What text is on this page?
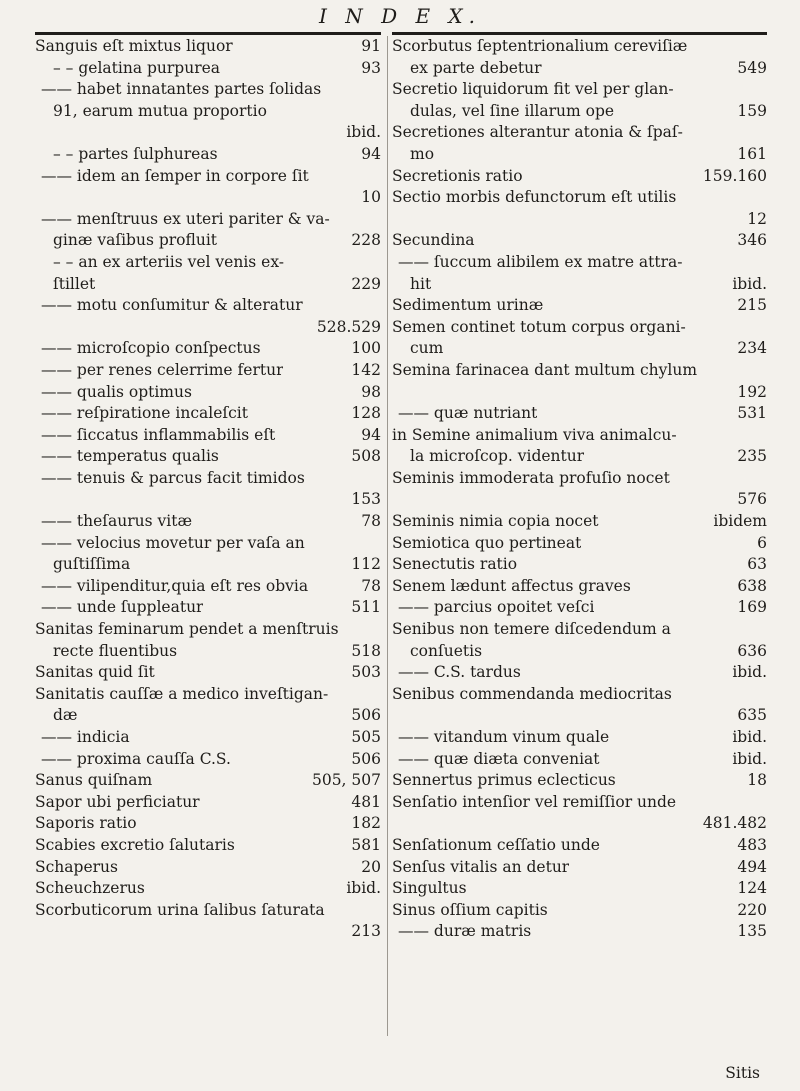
I N D E X.
Sanguis eſt mixtus liquor	91
– – gelatina purpurea	93
—— habet innatantes partes ſolidas
91, earum mutua proportio
ibid.
– – partes ſulphureas	94
—— idem an ſemper in corpore ſit
10
—— menſtruus ex uteri pariter & va-
ginæ vaſibus profluit	228
– – an ex arteriis vel venis ex-
ſtillet	229
—— motu conſumitur & alteratur
528.529
—— microſcopio conſpectus	100
—— per renes celerrime fertur	142
—— qualis optimus	98
—— reſpiratione incaleſcit	128
—— ſiccatus inflammabilis eſt	94
—— temperatus qualis	508
—— tenuis & parcus facit timidos
153
—— theſaurus vitæ	78
—— velocius movetur per vaſa an
guſtiſſima	112
—— vilipenditur,quia eſt res obvia	78
—— unde ſuppleatur	511
Sanitas feminarum pendet a menſtruis
recte fluentibus	518
Sanitas quid ſit	503
Sanitatis cauſſæ a medico inveſtigan-
dæ	506
—— indicia	505
—— proxima cauſſa C.S.	506
Sanus quiſnam	505, 507
Sapor ubi perficiatur	481
Saporis ratio	182
Scabies excretio ſalutaris	581
Schaperus	20
Scheuchzerus	ibid.
Scorbuticorum urina ſalibus ſaturata
213
Scorbutus ſeptentrionalium cereviſiæ
ex parte debetur	549
Secretio liquidorum fit vel per glan-
dulas, vel ſine illarum ope	159
Secretiones alterantur atonia & ſpaſ-
mo	161
Secretionis ratio	159.160
Sectio morbis defunctorum eſt utilis
12
Secundina	346
—— ſuccum alibilem ex matre attra-
hit	ibid.
Sedimentum urinæ	215
Semen continet totum corpus organi-
cum	234
Semina farinacea dant multum chylum
192
—— quæ nutriant	531
in Semine animalium viva animalcu-
la microſcop. videntur	235
Seminis immoderata profuſio nocet
576
Seminis nimia copia nocet	ibidem
Semiotica quo pertineat	6
Senectutis ratio	63
Senem lædunt affectus graves	638
—— parcius opoitet veſci	169
Senibus non temere diſcedendum a
conſuetis	636
—— C.S. tardus	ibid.
Senibus commendanda mediocritas
635
—— vitandum vinum quale	ibid.
—— quæ diæta conveniat	ibid.
Sennertus primus eclecticus	18
Senſatio intenſior vel remiſſior unde
481.482
Senſationum ceſſatio unde	483
Senſus vitalis an detur	494
Singultus	124
Sinus oſſium capitis	220
—— duræ matris	135
Sitis
